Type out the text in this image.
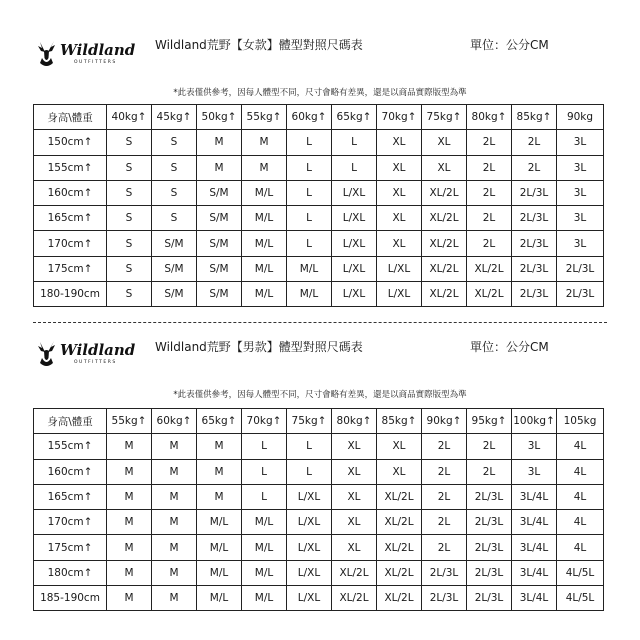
Wildland
OUTFITTERS
Wildland荒野【女款】體型對照尺碼表	單位：公分CM
*此表僅供參考，因每人體型不同，尺寸會略有差異，還是以商品實際版型為準
身高\體重	40kg↑	45kg↑	50kg↑	55kg↑	60kg↑	65kg↑	70kg↑	75kg↑	80kg↑	85kg↑	90kg
150cm↑	S	S	M	M	L	L	XL	XL	2L	2L	3L
155cm↑	S	S	M	M	L	L	XL	XL	2L	2L	3L
160cm↑	S	S	S/M	M/L	L	L/XL	XL	XL/2L	2L	2L/3L	3L
165cm↑	S	S	S/M	M/L	L	L/XL	XL	XL/2L	2L	2L/3L	3L
170cm↑	S	S/M	S/M	M/L	L	L/XL	XL	XL/2L	2L	2L/3L	3L
175cm↑	S	S/M	S/M	M/L	M/L	L/XL	L/XL	XL/2L	XL/2L	2L/3L	2L/3L
180-190cm	S	S/M	S/M	M/L	M/L	L/XL	L/XL	XL/2L	XL/2L	2L/3L	2L/3L
Wildland
OUTFITTERS
Wildland荒野【男款】體型對照尺碼表	單位：公分CM
*此表僅供參考，因每人體型不同，尺寸會略有差異，還是以商品實際版型為準
身高\體重	55kg↑	60kg↑	65kg↑	70kg↑	75kg↑	80kg↑	85kg↑	90kg↑	95kg↑	100kg↑	105kg
155cm↑	M	M	M	L	L	XL	XL	2L	2L	3L	4L
160cm↑	M	M	M	L	L	XL	XL	2L	2L	3L	4L
165cm↑	M	M	M	L	L/XL	XL	XL/2L	2L	2L/3L	3L/4L	4L
170cm↑	M	M	M/L	M/L	L/XL	XL	XL/2L	2L	2L/3L	3L/4L	4L
175cm↑	M	M	M/L	M/L	L/XL	XL	XL/2L	2L	2L/3L	3L/4L	4L
180cm↑	M	M	M/L	M/L	L/XL	XL/2L	XL/2L	2L/3L	2L/3L	3L/4L	4L/5L
185-190cm	M	M	M/L	M/L	L/XL	XL/2L	XL/2L	2L/3L	2L/3L	3L/4L	4L/5L
